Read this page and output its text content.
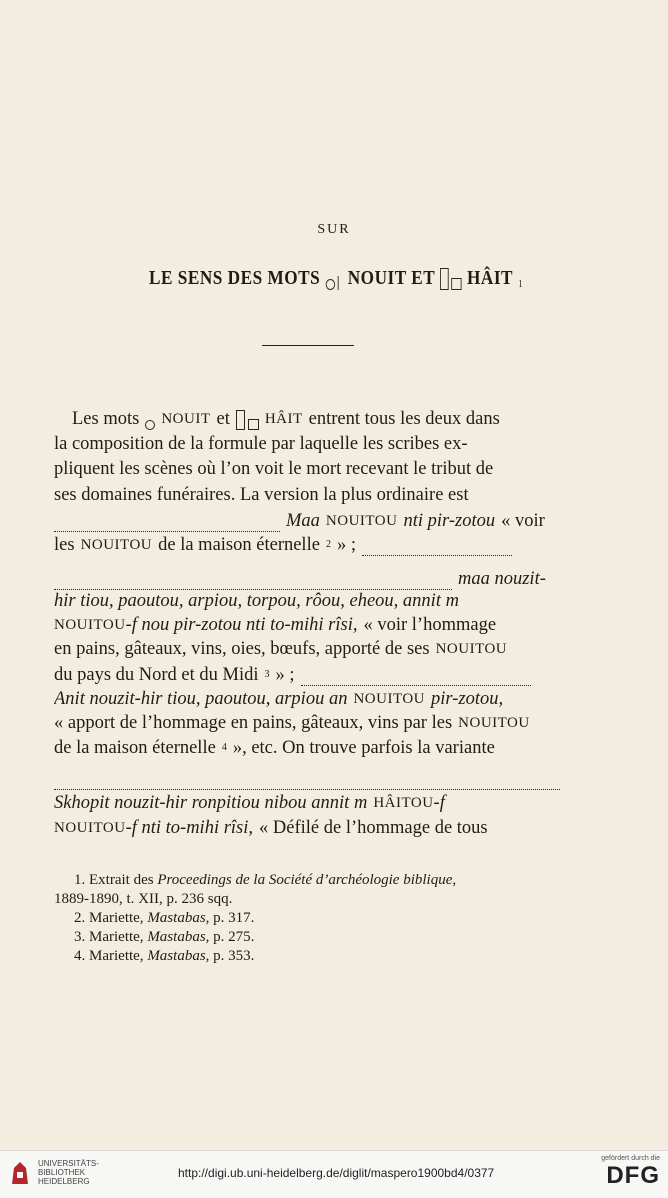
SUR
LE SENS DES MOTS NOUIT ET HÂIT $_1$
Les mots NOUIT et HÂIT entrent tous les deux dans
la composition de la formule par laquelle les scribes ex-
pliquent les scènes où l’on voit le mort recevant le tribut de
ses domaines funéraires. La version la plus ordinaire est
Maa NOUITOU nti pir-zotou « voir
les NOUITOU de la maison éternelle 2 » ;
maa nouzit-
hir tiou, paoutou, arpiou, torpou, rôou, eheou, annit m
NOUITOU -f nou pir-zotou nti to-mihi rîsi, « voir l’hommage
en pains, gâteaux, vins, oies, bœufs, apporté de ses NOUITOU
du pays du Nord et du Midi 3 » ;
Anit nouzit-hir tiou, paoutou, arpiou an NOUITOU pir-zotou,
« apport de l’hommage en pains, gâteaux, vins par les NOUITOU
de la maison éternelle 4 », etc. On trouve parfois la variante
Skhopit nouzit-hir ronpitiou nibou annit m HÂITOU -f
NOUITOU -f nti to-mihi rîsi, « Défilé de l’hommage de tous
1. Extrait des Proceedings de la Société d’archéologie biblique,
1889-1890, t. XII, p. 236 sqq.
2. Mariette, Mastabas, p. 317.
3. Mariette, Mastabas, p. 275.
4. Mariette, Mastabas, p. 353.
UNIVERSITÄTS-
BIBLIOTHEK
HEIDELBERG
http://digi.ub.uni-heidelberg.de/diglit/maspero1900bd4/0377
gefördert durch die
DFG
